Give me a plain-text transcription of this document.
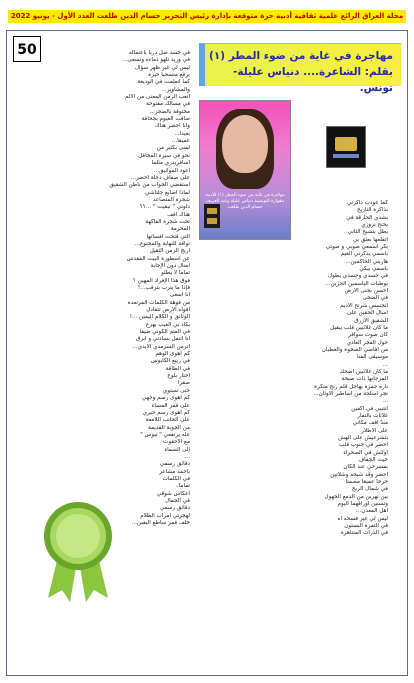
مجلة العراق الرائع علمية ثقافية أدبية حرة متوقعة بإدارة رئيس التحرير حسام الدين طلعت العدد الأول - يونيو 2022
50	مهاجرة في غاية من ضوء المطر (١)
بقلم: الشاعرة.... دنياس عليلة- تونس.
مهاجرة في غاية من ضوء المطر (١) للأديبة مقوارة التونسية دنياس عليلة وعيد العريف حسام الدين طلعت
في جسد ضلّ درباً بأعتماله
في وريد تلهو ذماءه وتسعى...
ليس لي غير ظهر سؤال
يرفع منسحباً حيرة
كما أتعلمت في الوديعة
والمشاوير...
أتعب الزمن المعنى من الألم
في مسالك مفتوحة
مختوقة بالضجر...
ضافت الغيوم بجحافة
وأنا أحضر هناك
بعيداً...
عميقاً...
لمنى بكثير من
نحو في سيرة المحافل
أسافربدري مثلما
أعود المواثيق...
على صفاف دجلة أحضر...
أستقصي الجواب من باطن الشقيق
لماذا أصابع جلناشي
شجرة المتصاعد
دلوتي " تبقيت " ...؟؟
هناك أقف
تحت شجرة الفاكهة
المحرمة
التي قتحت أفساتها
تواقة للنهاية والمحنوع...
أريج الزمن الثقيل
عن أسطورة البيت المقدس
أسأل دون الإجابة
تماماً لا يطلو
فوق هذا الإفراد المهين ؟
فإذا ما يترب بترقب...!
أنا أسعى
من فوهة الكلمات المرتعدة
أفواه الأرض تتفادل
الوثائق و الكلام اليمين ...!
يكاد بي الغيب يهزع
في العتم الكوني ضيقاً
أنا أتنفل بسادتي و أبرق
أترمن السرمدي الأبدي...
كم أهوى الوهم
في ربيع الكابوس
في الطاقة
أحتار يلوح
صقرا
حتى تستوي
كم أهوى رسم وجهي
على قمر المساء
كم أهوى رسم حيري
على الجانب اللامعة
من الجوبة القديمة
علّه يرتفعي " نيوس "
مع الأحقوت
إلى السماء
...
دقائق رسمي
بأحمد مشاعر
في الكلمات
تماماً..
أعكاس شوقي
في الجمال
دقائق رسمي
لهجرتي أمراب الظلام
خلف قمر ساطع اليقين...
كما عودت ذاكرتي
بذاكرة التاريخ
بشدي الحارقة في
بحنح بروزي
يطل بتشيح الثاني
أتفلعها بعثق بي
بكر أسمعي صوبي و صوتي
باسمي يذكرني الغيم
هاربتي الحاكمين...
باسمي بيكي
في جسدي وجسدي يطول
بوطنات الياسمين الحزين...
أحسن بجنى الأرض
في الضحى
أتجسس شرنح الأديم
أسأل الحقين على
الشقيق الأزرق
ما كان غلائبين قلّب بيقيل
كان صوت سوافر
حول الفجر الغادي
من أقاصي الصحوة والعطبان
موسيقى الفنا
...
ما كان غلائبين أضحك
المرجانها ذات صيحة
ناره جمرة يهاجل قلم ربح منكرة
تجر أسلحة من أساطير الأوثان...
...
أنتيبي في أكفين
غلائات بالتمار
مندّ أقف مكاني
على الأطلار
بتشرعيش على الهش
أحضر في جنوب قلب
أولئش في الصحراء
حيث الجفاف
بمسرحي عند الكان
أحضر وقد شبحه وشلاتين
جرحا عميقاً مصمتاً
في شمال الريح
بين نهرين من الدمع الجهول
وتسنين أوراقهما اليوم
أهل المعدن...
ليس لي غير فسحه آه
في التمرة البستون
في الذرات المتناهرة
